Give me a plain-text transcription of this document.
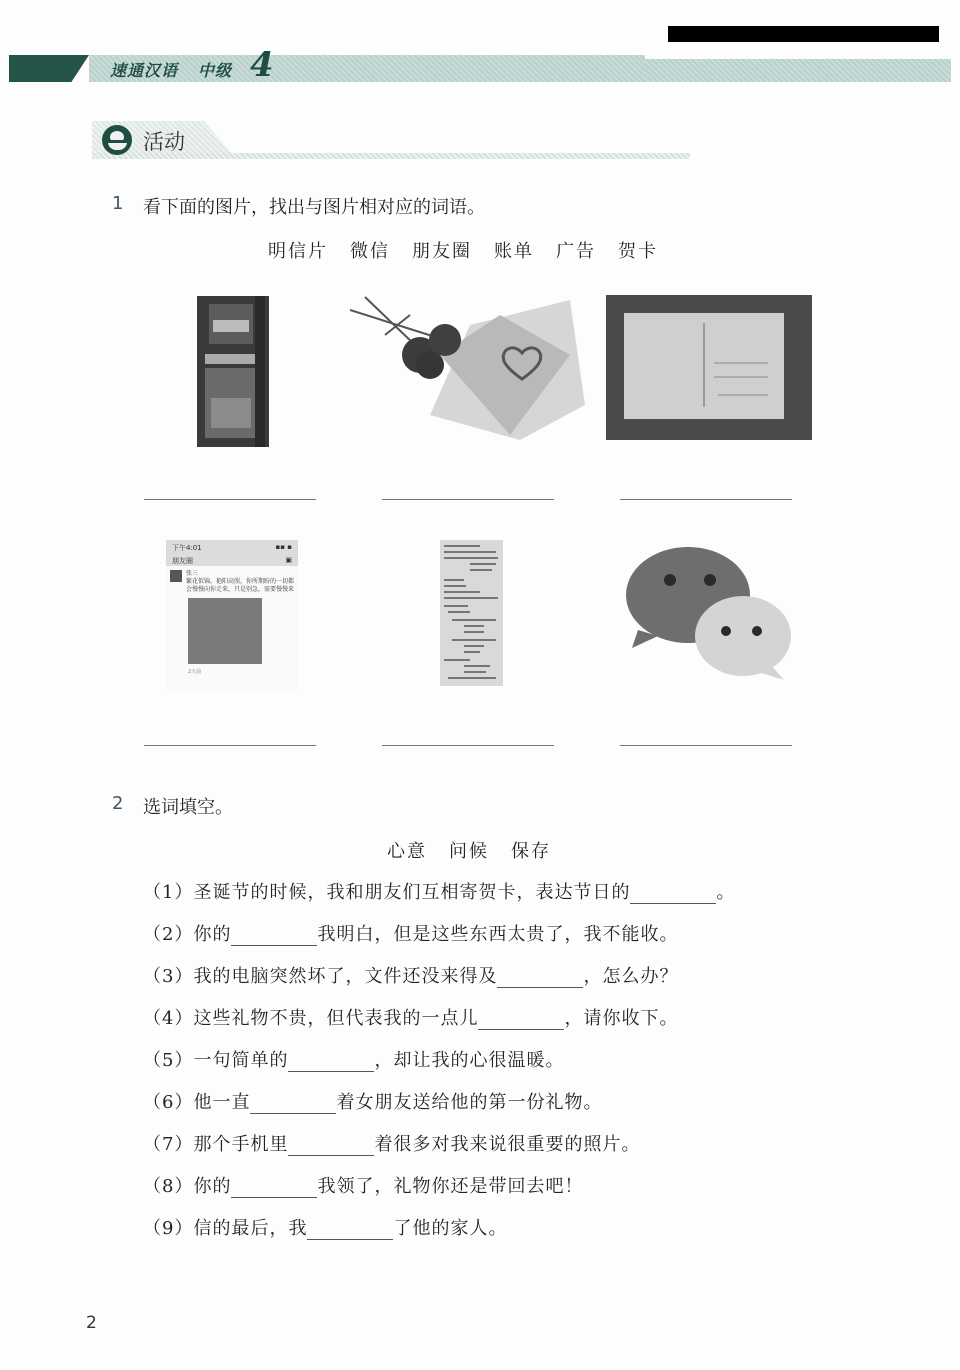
速通汉语 中级 4
活动
1 看下面的图片，找出与图片相对应的词语。
明信片 微信 朋友圈 账单 广告 贺卡
下午4:01	▪▪ ▪
朋友圈	▣
张三
繁花似锦，艳阳高照，你所期盼的一切都会慢慢向你走来，只是别急，需要慢慢来
2天前
2 选词填空。
心意 问候 保存
（1）圣诞节的时候，我和朋友们互相寄贺卡，表达节日的	。
（2）你的	我明白，但是这些东西太贵了，我不能收。
（3）我的电脑突然坏了，文件还没来得及	，怎么办？
（4）这些礼物不贵，但代表我的一点儿	，请你收下。
（5）一句简单的	，却让我的心很温暖。
（6）他一直	着女朋友送给他的第一份礼物。
（7）那个手机里	着很多对我来说很重要的照片。
（8）你的	我领了，礼物你还是带回去吧！
（9）信的最后，我	了他的家人。
2
